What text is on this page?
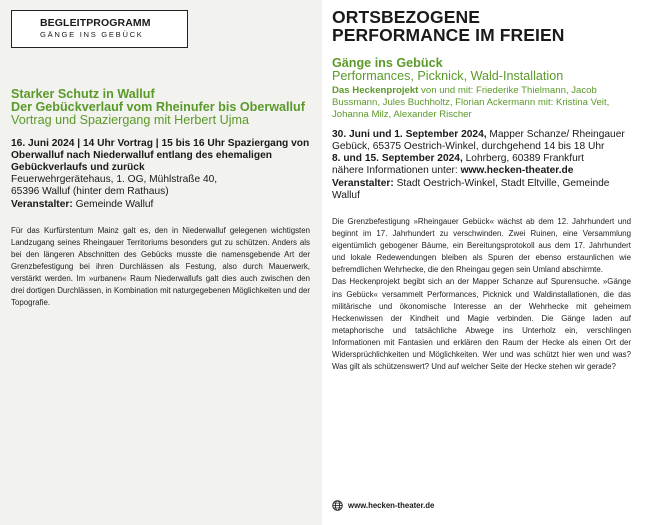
BEGLEITPROGRAMM
GÄNGE INS GEBÜCK
Starker Schutz in Walluf
Der Gebückverlauf vom Rheinufer bis Oberwalluf
Vortrag und Spaziergang mit Herbert Ujma
16. Juni 2024 | 14 Uhr Vortrag | 15 bis 16 Uhr Spaziergang von Oberwalluf nach Niederwalluf entlang des ehemaligen Gebückverlaufs und zurück
Feuerwehrgerätehaus, 1. OG, Mühlstraße 40,
65396 Walluf (hinter dem Rathaus)
Veranstalter: Gemeinde Walluf
Für das Kurfürstentum Mainz galt es, den in Niederwalluf gelegenen wichtigsten Landzugang seines Rheingauer Territoriums besonders gut zu schützen. Anders als bei den längeren Abschnitten des Gebücks musste die namensgebende Art der Grenzbefestigung bei ihren Durchlässen als Festung, also durch Mauerwerk, verstärkt werden. Im »urbanen« Raum Niederwallufs galt dies auch zwischen den drei dortigen Durchlässen, in Kombination mit naturgegebenen Möglichkeiten und der Topografie.
ORTSBEZOGENE
PERFORMANCE IM FREIEN
Gänge ins Gebück
Performances, Picknick, Wald-Installation
Das Heckenprojekt von und mit: Friederike Thielmann, Jacob Bussmann, Jules Buchholtz, Florian Ackermann mit: Kristina Veit, Johanna Milz, Alexander Rischer
30. Juni und 1. September 2024, Mapper Schanze/ Rheingauer Gebück, 65375 Oestrich-Winkel, durchgehend 14 bis 18 Uhr
8. und 15. September 2024, Lohrberg, 60389 Frankfurt
nähere Informationen unter: www.hecken-theater.de
Veranstalter: Stadt Oestrich-Winkel, Stadt Eltville, Gemeinde Walluf

Die Grenzbefestigung »Rheingauer Gebück« wächst ab dem 12. Jahrhundert und beginnt im 17. Jahrhundert zu verschwinden. Zwei Ruinen, eine Versammlung eigentümlich gebogener Bäume, ein Bereitungsprotokoll aus dem 17. Jahrhundert und lokale Redewendungen bleiben als Spuren der ebenso erstaunlichen wie befremdlichen Wehrhecke, die den Rheingau gegen sein Umland abschirmte.

Das Heckenprojekt begibt sich an der Mapper Schanze auf Spurensuche. »Gänge ins Gebück« versammelt Performances, Picknick und Waldinstallationen, die das militärische und ökonomische Interesse an der Wehrhecke mit geheimem Heckenwissen der Kindheit und Magie verbinden. Die Gänge laden auf metaphorische und tatsächliche Abwege ins Unterholz ein, verschlingen Informationen mit Fantasien und erklären den Raum der Hecke als einen Ort der Widersprüchlichkeiten und Möglichkeiten. Wer und was schützt hier wen und was? Was gilt als schützenswert? Und auf welcher Seite der Hecke stehen wir gerade?

www.hecken-theater.de
